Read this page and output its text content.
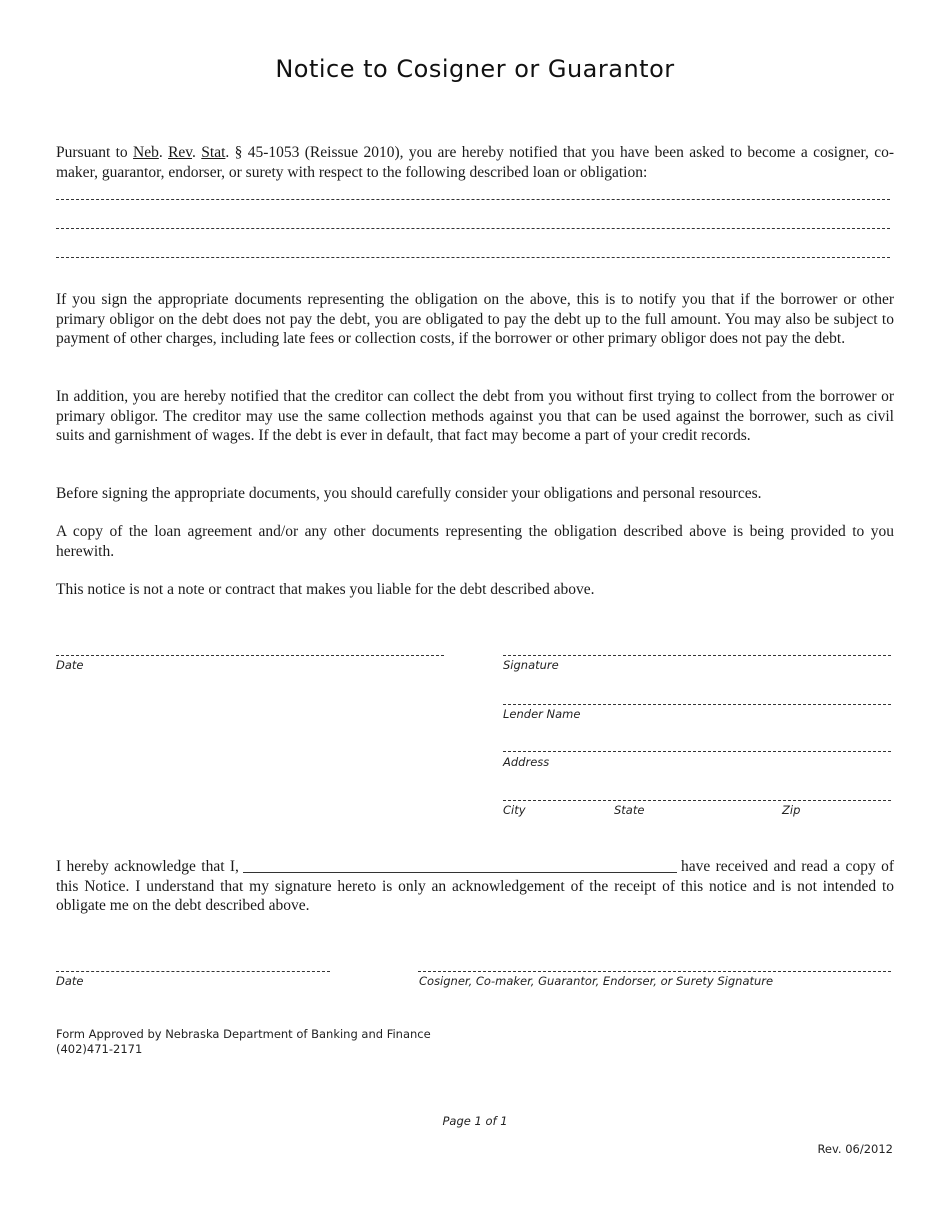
Notice to Cosigner or Guarantor
Pursuant to Neb. Rev. Stat. § 45-1053 (Reissue 2010), you are hereby notified that you have been asked to become a cosigner, co-maker, guarantor, endorser, or surety with respect to the following described loan or obligation:
If you sign the appropriate documents representing the obligation on the above, this is to notify you that if the borrower or other primary obligor on the debt does not pay the debt, you are obligated to pay the debt up to the full amount. You may also be subject to payment of other charges, including late fees or collection costs, if the borrower or other primary obligor does not pay the debt.
In addition, you are hereby notified that the creditor can collect the debt from you without first trying to collect from the borrower or primary obligor. The creditor may use the same collection methods against you that can be used against the borrower, such as civil suits and garnishment of wages. If the debt is ever in default, that fact may become a part of your credit records.
Before signing the appropriate documents, you should carefully consider your obligations and personal resources.
A copy of the loan agreement and/or any other documents representing the obligation described above is being provided to you herewith.
This notice is not a note or contract that makes you liable for the debt described above.
Date	Signature
Lender Name
Address
City	State	Zip
I hereby acknowledge that I,	have received and read a copy of this Notice. I understand that my signature hereto is only an acknowledgement of the receipt of this notice and is not intended to obligate me on the debt described above.
Date	Cosigner, Co-maker, Guarantor, Endorser, or Surety Signature
Form Approved by Nebraska Department of Banking and Finance
(402)471-2171
Page 1 of 1
Rev. 06/2012
